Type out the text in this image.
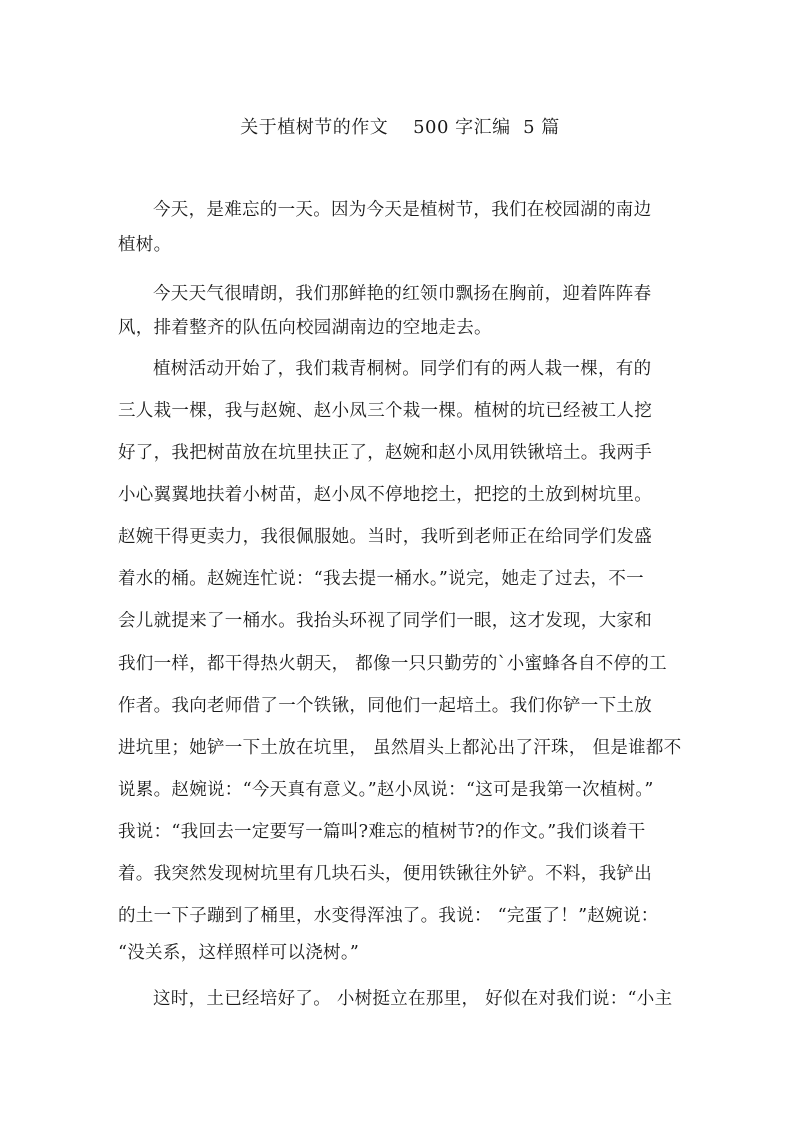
关于植树节的作文    500 字汇编  5 篇
今天，是难忘的一天。因为今天是植树节，我们在校园湖的南边
植树。
今天天气很晴朗，我们那鲜艳的红领巾飘扬在胸前，迎着阵阵春
风，排着整齐的队伍向校园湖南边的空地走去。
植树活动开始了，我们栽青桐树。同学们有的两人栽一棵，有的
三人栽一棵，我与赵婉、赵小凤三个栽一棵。植树的坑已经被工人挖
好了，我把树苗放在坑里扶正了，赵婉和赵小凤用铁锹培土。我两手
小心翼翼地扶着小树苗，赵小凤不停地挖土，把挖的土放到树坑里。
赵婉干得更卖力，我很佩服她。当时，我听到老师正在给同学们发盛
着水的桶。赵婉连忙说：“我去提一桶水。”说完，她走了过去，不一
会儿就提来了一桶水。我抬头环视了同学们一眼，这才发现，大家和
我们一样，都干得热火朝天， 都像一只只勤劳的`小蜜蜂各自不停的工
作者。我向老师借了一个铁锹，同他们一起培土。我们你铲一下土放
进坑里；她铲一下土放在坑里， 虽然眉头上都沁出了汗珠， 但是谁都不
说累。赵婉说：“今天真有意义。”赵小凤说：“这可是我第一次植树。”
我说：“我回去一定要写一篇叫?难忘的植树节?的作文。”我们谈着干
着。我突然发现树坑里有几块石头，便用铁锹往外铲。不料，我铲出
的土一下子蹦到了桶里，水变得浑浊了。我说： “完蛋了！”赵婉说：
“没关系，这样照样可以浇树。”
这时，土已经培好了。 小树挺立在那里， 好似在对我们说：“小主
